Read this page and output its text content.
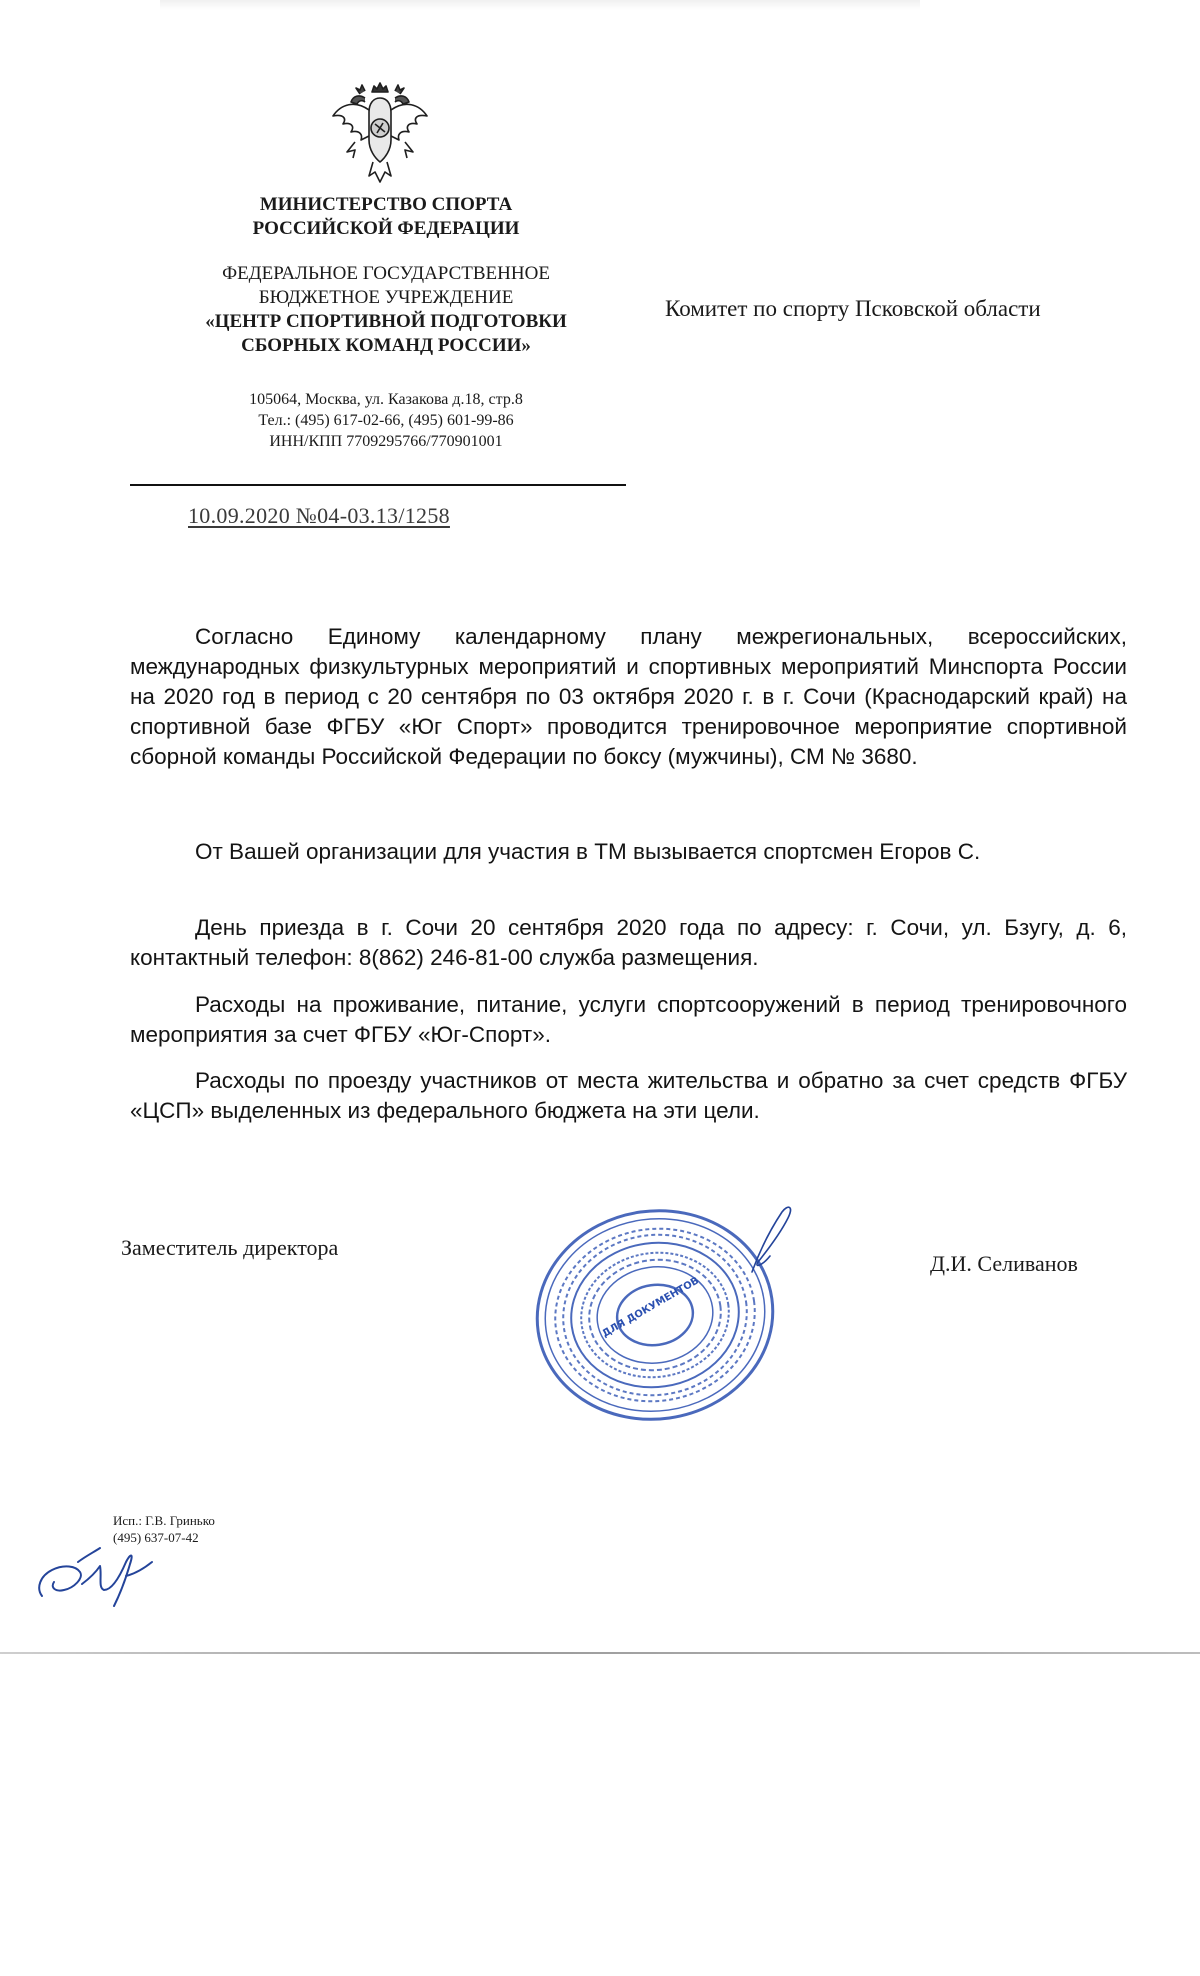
МИНИСТЕРСТВО СПОРТА
РОССИЙСКОЙ ФЕДЕРАЦИИ
ФЕДЕРАЛЬНОЕ ГОСУДАРСТВЕННОЕ
БЮДЖЕТНОЕ УЧРЕЖДЕНИЕ
«ЦЕНТР СПОРТИВНОЙ ПОДГОТОВКИ
СБОРНЫХ КОМАНД РОССИИ»
105064, Москва, ул. Казакова д.18, стр.8
Тел.: (495) 617-02-66, (495) 601-99-86
ИНН/КПП 7709295766/770901001
10.09.2020 №04-03.13/1258
Комитет по спорту Псковской области

Согласно Единому календарному плану межрегиональных, всероссийских, международных физкультурных мероприятий и спортивных мероприятий Минспорта России на 2020 год в период с 20 сентября по 03 октября 2020 г. в г. Сочи (Краснодарский край) на спортивной базе ФГБУ «Юг Спорт» проводится тренировочное мероприятие спортивной сборной команды Российской Федерации по боксу (мужчины), СМ № 3680.

От Вашей организации для участия в ТМ вызывается спортсмен Егоров С.

День приезда в г. Сочи 20 сентября 2020 года по адресу: г. Сочи, ул. Бзугу, д. 6, контактный телефон: 8(862) 246-81-00 служба размещения.

Расходы на проживание, питание, услуги спортсооружений в период тренировочного мероприятия за счет ФГБУ «Юг-Спорт».

Расходы по проезду участников от места жительства и обратно за счет средств ФГБУ «ЦСП» выделенных из федерального бюджета на эти цели.

Заместитель директора
Д.И. Селиванов
ДЛЯ ДОКУМЕНТОВ
Исп.: Г.В. Гринько
(495) 637-07-42
